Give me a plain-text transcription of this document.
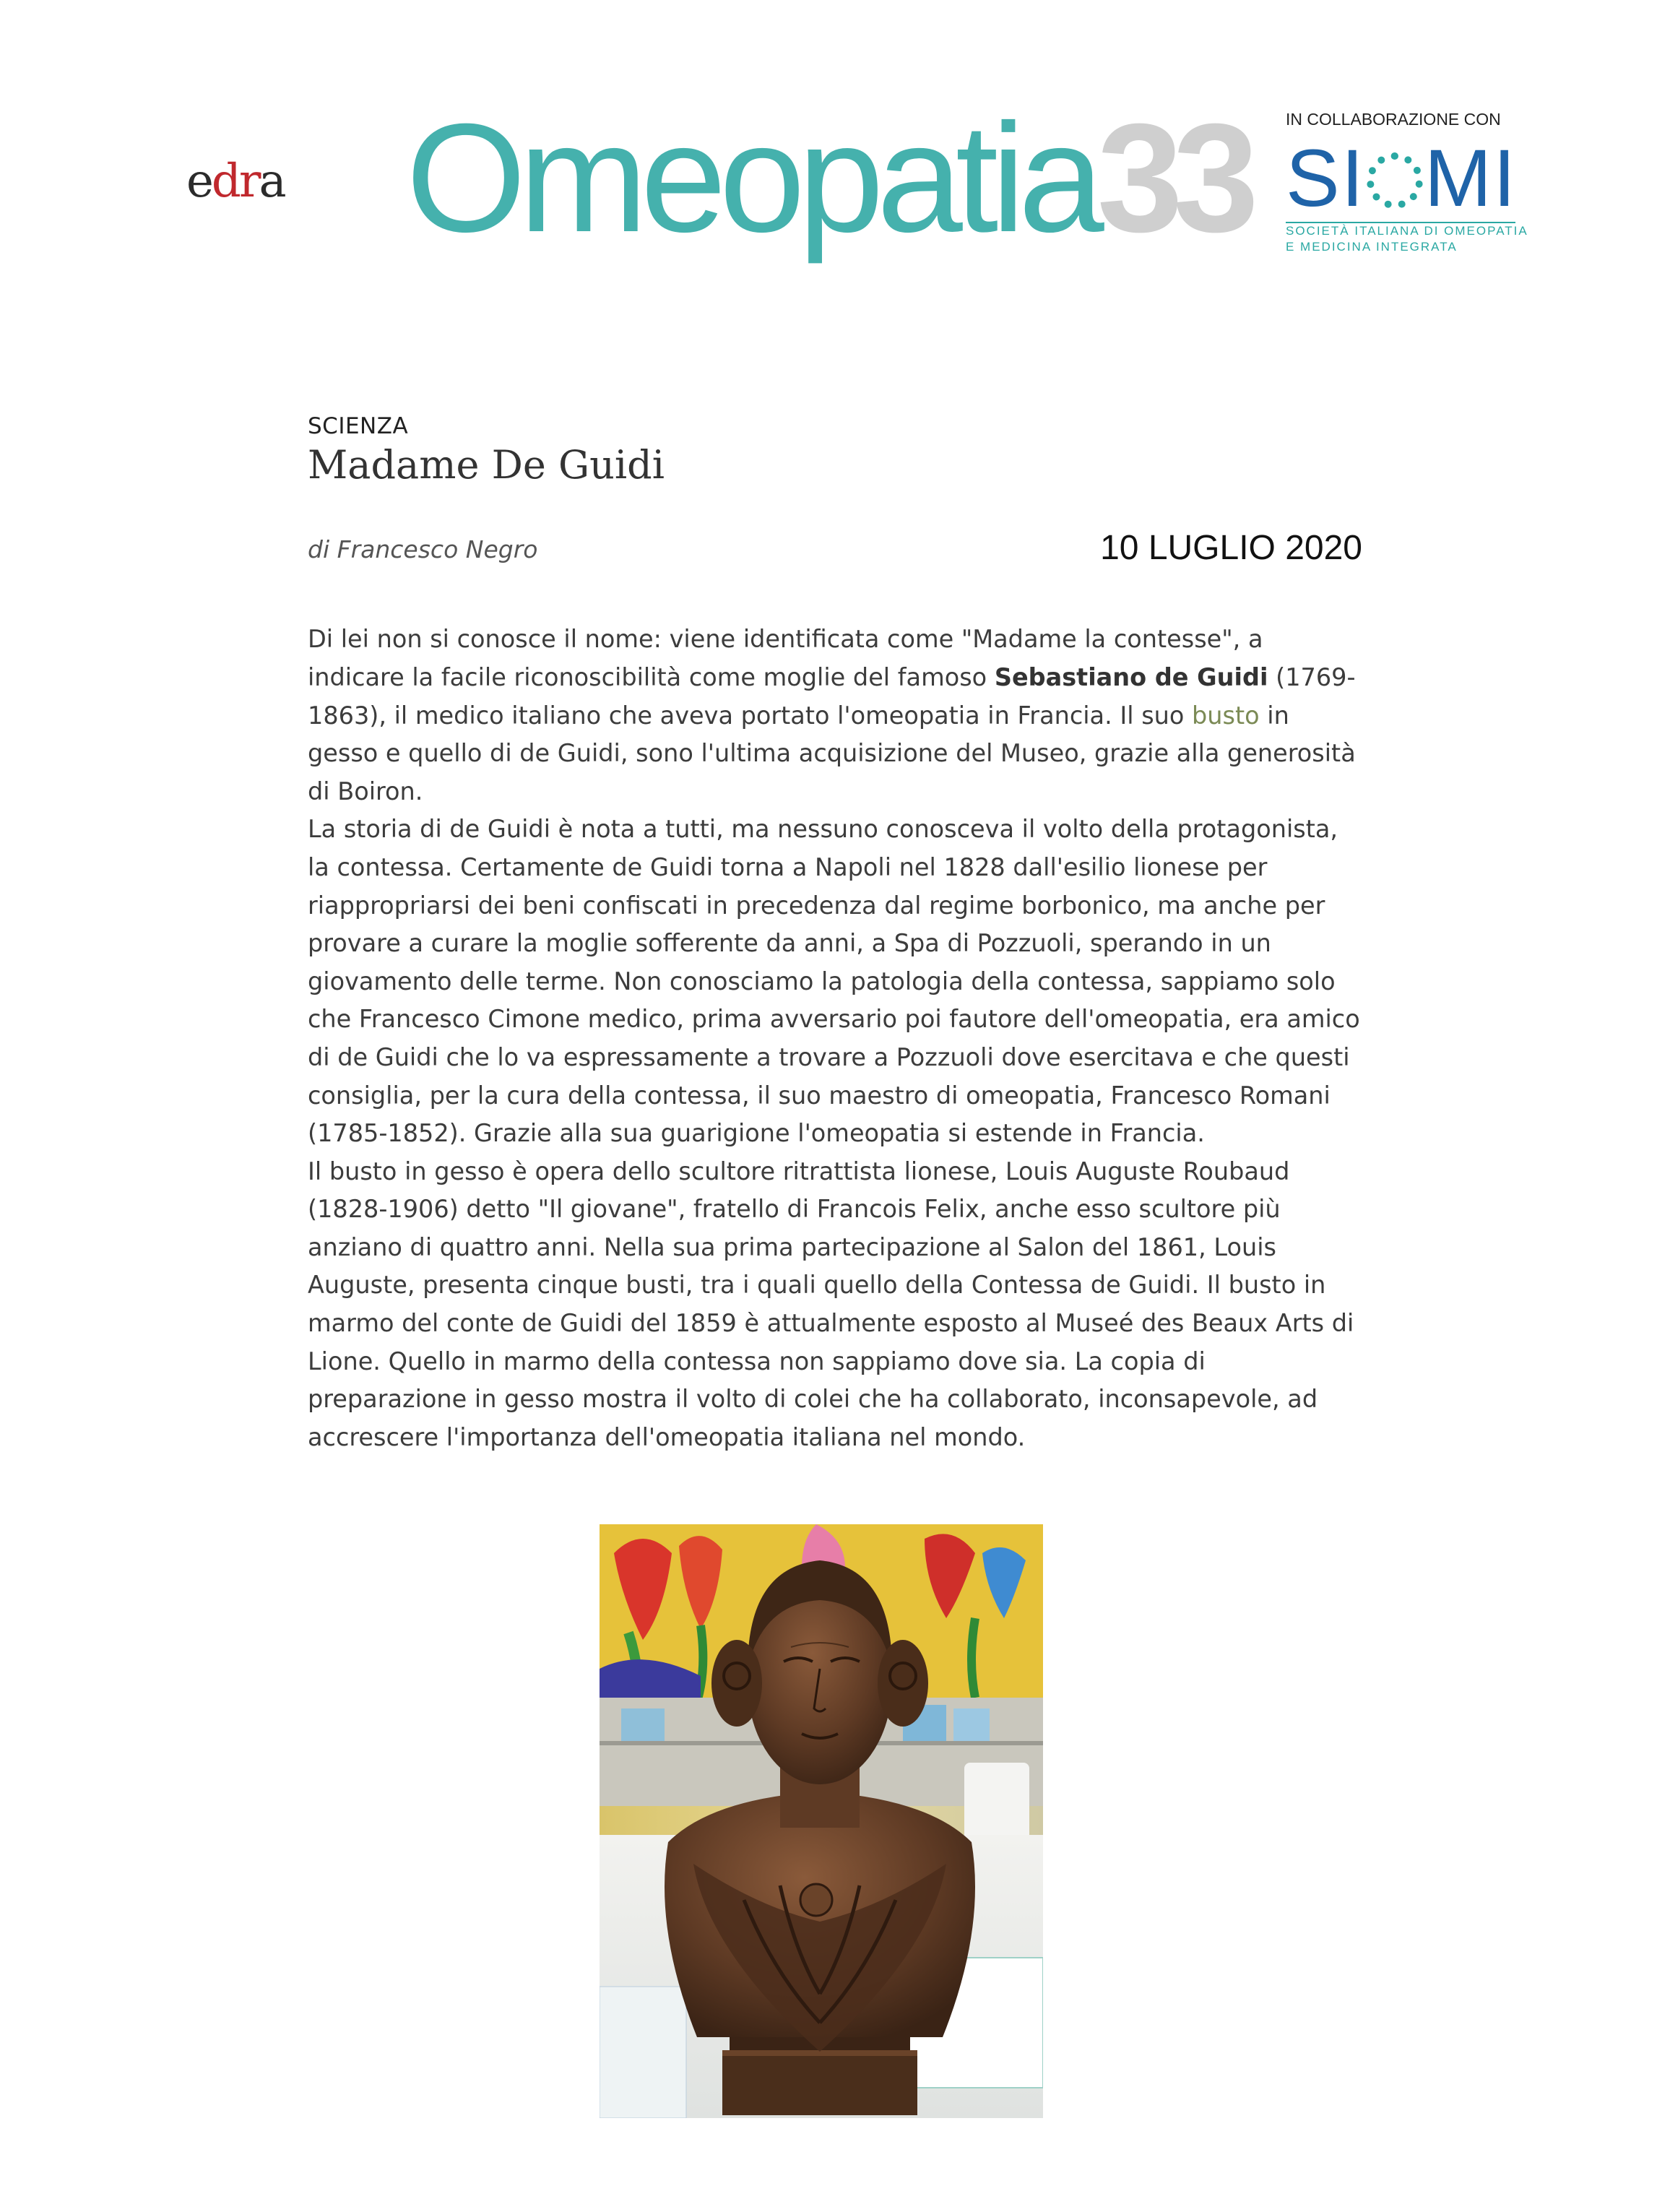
edra Omeopatia33 IN COLLABORAZIONE CON
SI MI
SOCIETÀ ITALIANA DI OMEOPATIA
E MEDICINA INTEGRATA
SCIENZA
Madame De Guidi
di Francesco Negro	10 LUGLIO 2020

Di lei non si conosce il nome: viene identificata come "Madame la contesse", a indicare la facile riconoscibilità come moglie del famoso Sebastiano de Guidi (1769-1863), il medico italiano che aveva portato l'omeopatia in Francia. Il suo busto in gesso e quello di de Guidi, sono l'ultima acquisizione del Museo, grazie alla generosità di Boiron.

La storia di de Guidi è nota a tutti, ma nessuno conosceva il volto della protagonista, la contessa. Certamente de Guidi torna a Napoli nel 1828 dall'esilio lionese per riappropriarsi dei beni confiscati in precedenza dal regime borbonico, ma anche per provare a curare la moglie sofferente da anni, a Spa di Pozzuoli, sperando in un giovamento delle terme. Non conosciamo la patologia della contessa, sappiamo solo che Francesco Cimone medico, prima avversario poi fautore dell'omeopatia, era amico di de Guidi che lo va espressamente a trovare a Pozzuoli dove esercitava e che questi consiglia, per la cura della contessa, il suo maestro di omeopatia, Francesco Romani (1785-1852). Grazie alla sua guarigione l'omeopatia si estende in Francia.

Il busto in gesso è opera dello scultore ritrattista lionese, Louis Auguste Roubaud (1828-1906) detto "Il giovane", fratello di Francois Felix, anche esso scultore più anziano di quattro anni. Nella sua prima partecipazione al Salon del 1861, Louis Auguste, presenta cinque busti, tra i quali quello della Contessa de Guidi. Il busto in marmo del conte de Guidi del 1859 è attualmente esposto al Museé des Beaux Arts di Lione. Quello in marmo della contessa non sappiamo dove sia. La copia di preparazione in gesso mostra il volto di colei che ha collaborato, inconsapevole, ad accrescere l'importanza dell'omeopatia italiana nel mondo.
